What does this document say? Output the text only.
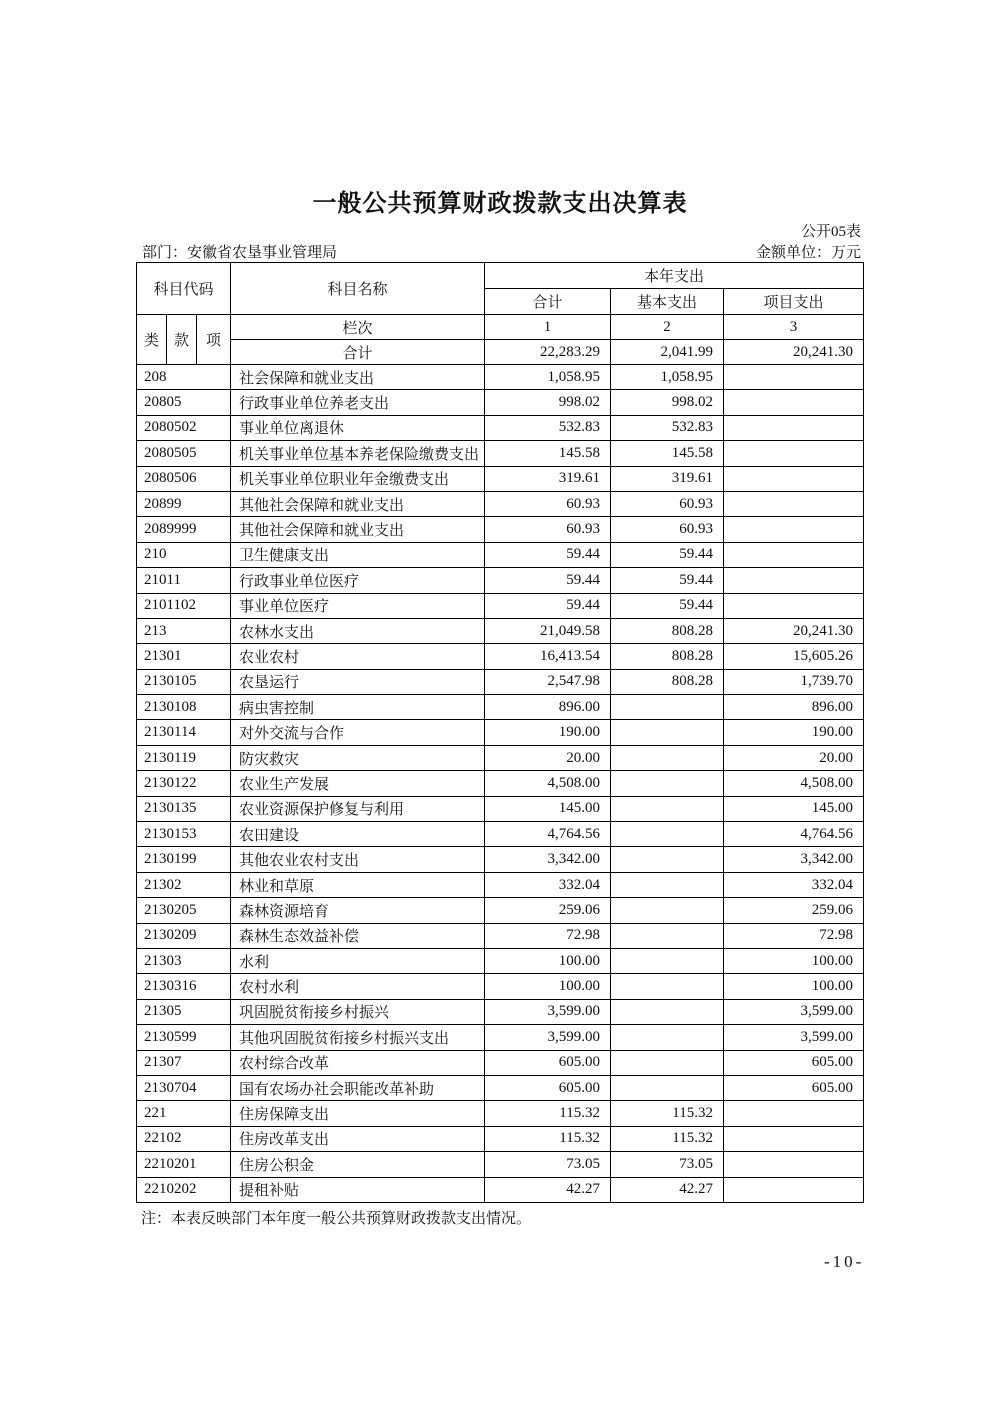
一般公共预算财政拨款支出决算表
公开05表
部门：安徽省农垦事业管理局	金额单位：万元
科目代码			科目名称	本年支出		
				合计	基本支出	项目支出
类	款	项	栏次	1	2	3
			合计	22,283.29	2,041.99	20,241.30
208			社会保障和就业支出	1,058.95	1,058.95	
20805			行政事业单位养老支出	998.02	998.02	
2080502			事业单位离退休	532.83	532.83	
2080505			机关事业单位基本养老保险缴费支出	145.58	145.58	
2080506			机关事业单位职业年金缴费支出	319.61	319.61	
20899			其他社会保障和就业支出	60.93	60.93	
2089999			其他社会保障和就业支出	60.93	60.93	
210			卫生健康支出	59.44	59.44	
21011			行政事业单位医疗	59.44	59.44	
2101102			事业单位医疗	59.44	59.44	
213			农林水支出	21,049.58	808.28	20,241.30
21301			农业农村	16,413.54	808.28	15,605.26
2130105			农垦运行	2,547.98	808.28	1,739.70
2130108			病虫害控制	896.00		896.00
2130114			对外交流与合作	190.00		190.00
2130119			防灾救灾	20.00		20.00
2130122			农业生产发展	4,508.00		4,508.00
2130135			农业资源保护修复与利用	145.00		145.00
2130153			农田建设	4,764.56		4,764.56
2130199			其他农业农村支出	3,342.00		3,342.00
21302			林业和草原	332.04		332.04
2130205			森林资源培育	259.06		259.06
2130209			森林生态效益补偿	72.98		72.98
21303			水利	100.00		100.00
2130316			农村水利	100.00		100.00
21305			巩固脱贫衔接乡村振兴	3,599.00		3,599.00
2130599			其他巩固脱贫衔接乡村振兴支出	3,599.00		3,599.00
21307			农村综合改革	605.00		605.00
2130704			国有农场办社会职能改革补助	605.00		605.00
221			住房保障支出	115.32	115.32	
22102			住房改革支出	115.32	115.32	
2210201			住房公积金	73.05	73.05	
2210202			提租补贴	42.27	42.27	
注：本表反映部门本年度一般公共预算财政拨款支出情况。
-10-
